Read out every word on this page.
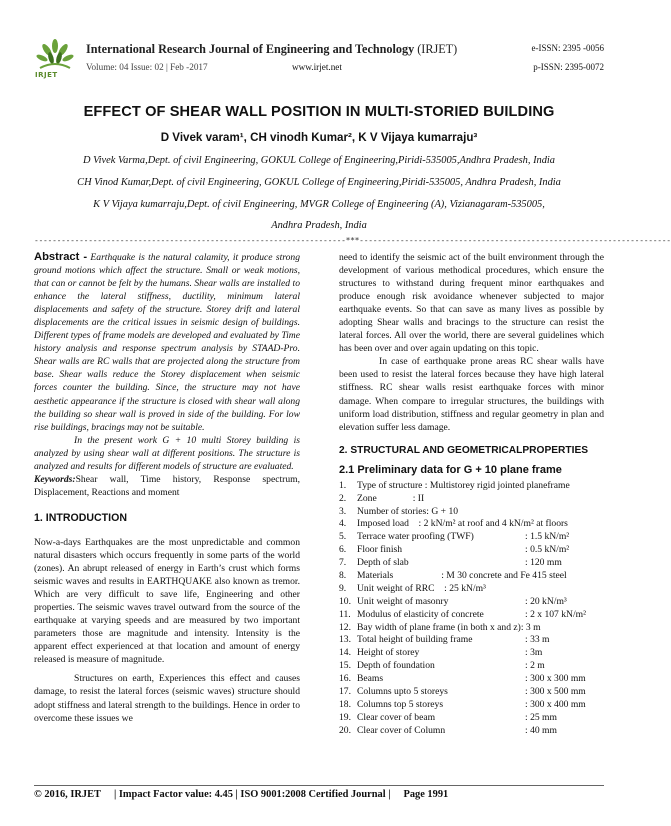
IRJET
International Research Journal of Engineering and Technology (IRJET)	e-ISSN: 2395 -0056
Volume: 04 Issue: 02 | Feb -2017	www.irjet.net	p-ISSN: 2395-0072
EFFECT OF SHEAR WALL POSITION IN MULTI-STORIED BUILDING
D Vivek varam¹, CH vinodh Kumar², K V Vijaya kumarraju³
D Vivek Varma,Dept. of civil Engineering, GOKUL College of Engineering,Piridi-535005,Andhra Pradesh, India
CH Vinod Kumar,Dept. of civil Engineering, GOKUL College of Engineering,Piridi-535005, Andhra Pradesh, India
K V Vijaya kumarraju,Dept. of civil Engineering, MVGR College of Engineering (A), Vizianagaram-535005,
Andhra Pradesh, India
---------------------------------------------------------------------***---------------------------------------------------------------------

Abstract - Earthquake is the natural calamity, it produce strong ground motions which affect the structure. Small or weak motions, that can or cannot be felt by the humans. Shear walls are installed to enhance the lateral stiffness, ductility, minimum lateral displacements and safety of the structure. Storey drift and lateral displacements are the critical issues in seismic design of buildings. Different types of frame models are developed and evaluated by Time history analysis and response spectrum analysis by STAAD-Pro. Shear walls are RC walls that are projected along the structure from base. Shear walls reduce the Storey displacement when seismic forces counter the building. Since, the structure may not have aesthetic appearance if the structure is closed with shear wall along the building so shear wall is proved in side of the building. For low rise buildings, bracings may not be suitable.

In the present work G + 10 multi Storey building is analyzed by using shear wall at different positions. The structure is analyzed and results for different models of structure are evaluated.

Keywords:Shear wall, Time history, Response spectrum, Displacement, Reactions and moment

1. INTRODUCTION

Now-a-days Earthquakes are the most unpredictable and common natural disasters which occurs frequently in some parts of the world (zones). An abrupt released of energy in Earth’s crust which forms seismic waves and results in EARTHQUAKE also known as tremor. Which are very difficult to save life, Engineering and other properties. The seismic waves travel outward from the source of the earthquake at varying speeds and are measured by two important parameters those are magnitude and intensity. Intensity is the apparent effect experienced at that location and amount of energy released is measure of magnitude.

Structures on earth, Experiences this effect and causes damage, to resist the lateral forces (seismic waves) structure should adopt stiffness and lateral strength to the buildings. Hence in order to overcome these issues we

need to identify the seismic act of the built environment through the development of various methodical procedures, which ensure the structures to withstand during frequent minor earthquakes and produce enough risk avoidance whenever subjected to major earthquake events. So that can save as many lives as possible by adopting Shear walls and bracings to the structure can resist the lateral forces. All over the world, there are several guidelines which has been over and over again updating on this topic.

In case of earthquake prone areas RC shear walls have been used to resist the lateral forces because they have high lateral stiffness. RC shear walls resist earthquake forces with minor damage. When compare to irregular structures, the buildings with uniform load distribution, stiffness and regular geometry in plan and elevation suffer less damage.

2. STRUCTURAL AND GEOMETRICALPROPERTIES
2.1 Preliminary data for G + 10 plane frame
1. Type of structure : Multistorey rigid jointed planeframe
2. Zone               : II
3. Number of stories: G + 10
4. Imposed load    : 2 kN/m² at roof and 4 kN/m² at floors
5. Terrace water proofing (TWF)	: 1.5 kN/m²
6. Floor finish	: 0.5 kN/m²
7. Depth of slab	: 120 mm
8. Materials                    : M 30 concrete and Fe 415 steel
9. Unit weight of RRC    : 25 kN/m³
10. Unit weight of masonry	: 20 kN/m³
11. Modulus of elasticity of concrete	: 2 x 107 kN/m²
12. Bay width of plane frame (in both x and z): 3 m
13. Total height of building frame	: 33 m
14. Height of storey	: 3m
15. Depth of foundation	: 2 m
16. Beams	: 300 x 300 mm
17. Columns upto 5 storeys	: 300 x 500 mm
18. Columns top 5 storeys	: 300 x 400 mm
19. Clear cover of beam	: 25 mm
20. Clear cover of Column	: 40 mm
© 2016, IRJET | Impact Factor value: 4.45 | ISO 9001:2008 Certified Journal | Page 1991
